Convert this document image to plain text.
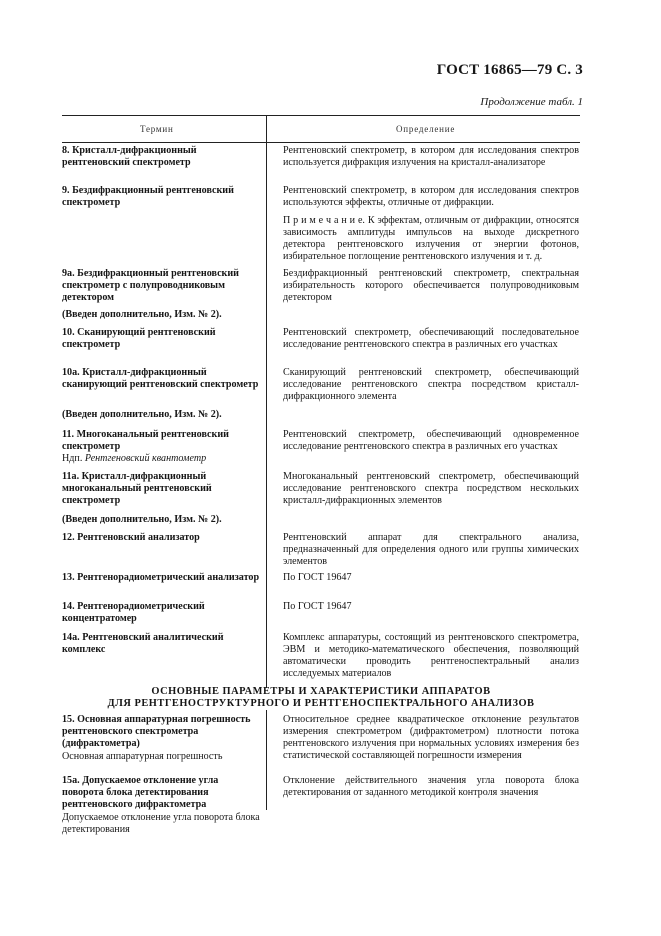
ГОСТ 16865—79 С. 3
Продолжение табл. 1
Термин	Определение
8. Кристалл-дифракционный рентгеновский спектрометр
Рентгеновский спектрометр, в котором для исследования спектров используется дифракция излучения на кристалл-анализаторе
9. Бездифракционный рентгеновский спектрометр
Рентгеновский спектрометр, в котором для исследования спектров используются эффекты, отличные от дифракции.
П р и м е ч а н и е. К эффектам, отличным от дифракции, относятся зависимость амплитуды импульсов на выходе дискретного детектора рентгеновского излучения от энергии фотонов, избирательное поглощение рентгеновского излучения и т. д.
9а. Бездифракционный рентгеновский спектрометр с полупроводниковым детектором
Бездифракционный рентгеновский спектрометр, спектральная избирательность которого обеспечивается полупроводниковым детектором
(Введен дополнительно, Изм. № 2).
10. Сканирующий рентгеновский спектрометр
Рентгеновский спектрометр, обеспечивающий последовательное исследование рентгеновского спектра в различных его участках
10а. Кристалл-дифракционный сканирующий рентгеновский спектрометр
Сканирующий рентгеновский спектрометр, обеспечивающий исследование рентгеновского спектра посредством кристалл-дифракционного элемента
(Введен дополнительно, Изм. № 2).
11. Многоканальный рентгеновский спектрометр
Ндп. Рентгеновский квантометр
Рентгеновский спектрометр, обеспечивающий одновременное исследование рентгеновского спектра в различных его участках
11а. Кристалл-дифракционный многоканальный рентгеновский спектрометр
Многоканальный рентгеновский спектрометр, обеспечивающий исследование рентгеновского спектра посредством нескольких кристалл-дифракционных элементов
(Введен дополнительно, Изм. № 2).
12. Рентгеновский анализатор	Рентгеновский аппарат для спектрального анализа, предназначенный для определения одного или группы химических элементов
13. Рентгенорадиометрический анализатор По ГОСТ 19647
14. Рентгенорадиометрический концентратомер
По ГОСТ 19647
14а. Рентгеновский аналитический комплекс
Комплекс аппаратуры, состоящий из рентгеновского спектрометра, ЭВМ и методико-математического обеспечения, позволяющий автоматически проводить рентгеноспектральный анализ исследуемых материалов
ОСНОВНЫЕ ПАРАМЕТРЫ И ХАРАКТЕРИСТИКИ АППАРАТОВ
ДЛЯ РЕНТГЕНОСТРУКТУРНОГО И РЕНТГЕНОСПЕКТРАЛЬНОГО АНАЛИЗОВ
15. Основная аппаратурная погрешность рентгеновского спектрометра (дифрактометра)
Основная аппаратурная погрешность
Относительное среднее квадратическое отклонение результатов измерения спектрометром (дифрактометром) плотности потока рентгеновского излучения при нормальных условиях измерения без статистической составляющей погрешности измерения
15а. Допускаемое отклонение угла поворота блока детектирования рентгеновского дифрактометра
Допускаемое отклонение угла поворота блока детектирования
Отклонение действительного значения угла поворота блока детектирования от заданного методикой контроля значения
